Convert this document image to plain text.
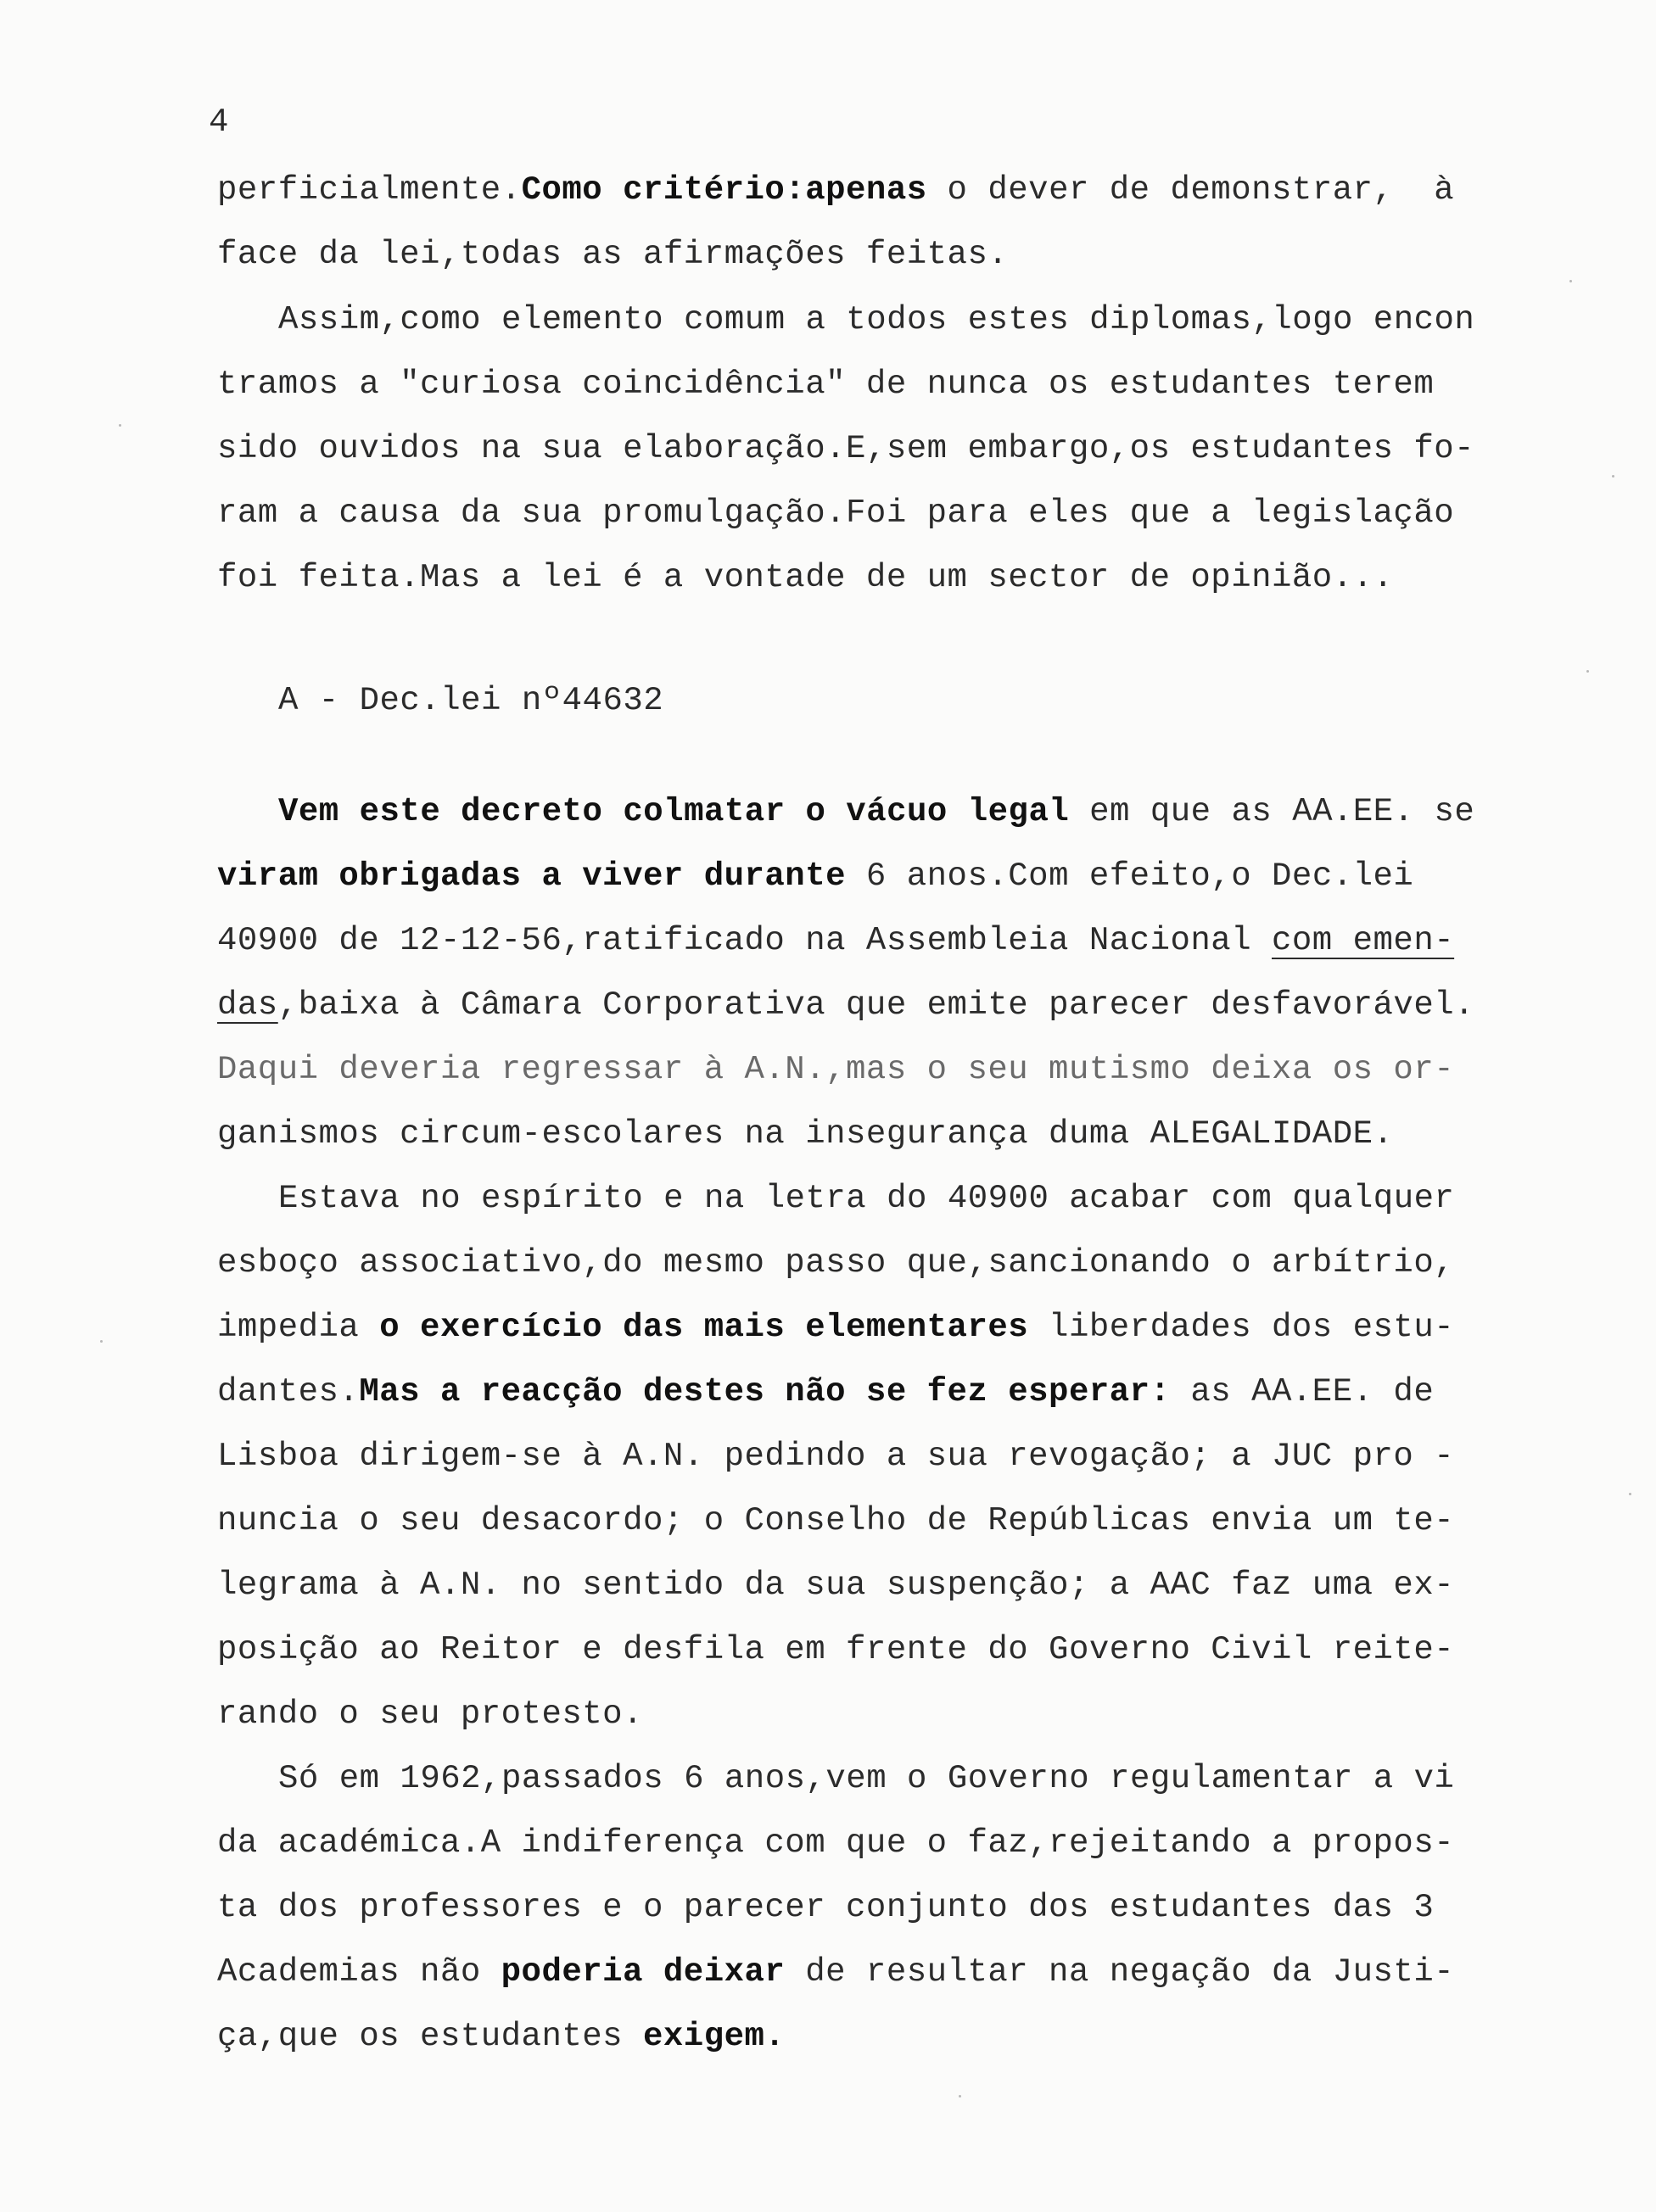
4
perficialmente.Como critério:apenas o dever de demonstrar,  à
face da lei,todas as afirmações feitas.
Assim,como elemento comum a todos estes diplomas,logo encon
tramos a "curiosa coincidência" de nunca os estudantes terem
sido ouvidos na sua elaboração.E,sem embargo,os estudantes fo-
ram a causa da sua promulgação.Foi para eles que a legislação
foi feita.Mas a lei é a vontade de um sector de opinião...
A - Dec.lei nº44632
Vem este decreto colmatar o vácuo legal em que as AA.EE. se
viram obrigadas a viver durante 6 anos.Com efeito,o Dec.lei
40900 de 12-12-56,ratificado na Assembleia Nacional com emen-
das,baixa à Câmara Corporativa que emite parecer desfavorável.
Daqui deveria regressar à A.N.,mas o seu mutismo deixa os or-
ganismos circum-escolares na insegurança duma ALEGALIDADE.
Estava no espírito e na letra do 40900 acabar com qualquer
esboço associativo,do mesmo passo que,sancionando o arbítrio,
impedia o exercício das mais elementares liberdades dos estu-
dantes.Mas a reacção destes não se fez esperar: as AA.EE. de
Lisboa dirigem-se à A.N. pedindo a sua revogação; a JUC pro -
nuncia o seu desacordo; o Conselho de Repúblicas envia um te-
legrama à A.N. no sentido da sua suspenção; a AAC faz uma ex-
posição ao Reitor e desfila em frente do Governo Civil reite-
rando o seu protesto.
Só em 1962,passados 6 anos,vem o Governo regulamentar a vi
da académica.A indiferença com que o faz,rejeitando a propos-
ta dos professores e o parecer conjunto dos estudantes das 3
Academias não poderia deixar de resultar na negação da Justi-
ça,que os estudantes exigem.
